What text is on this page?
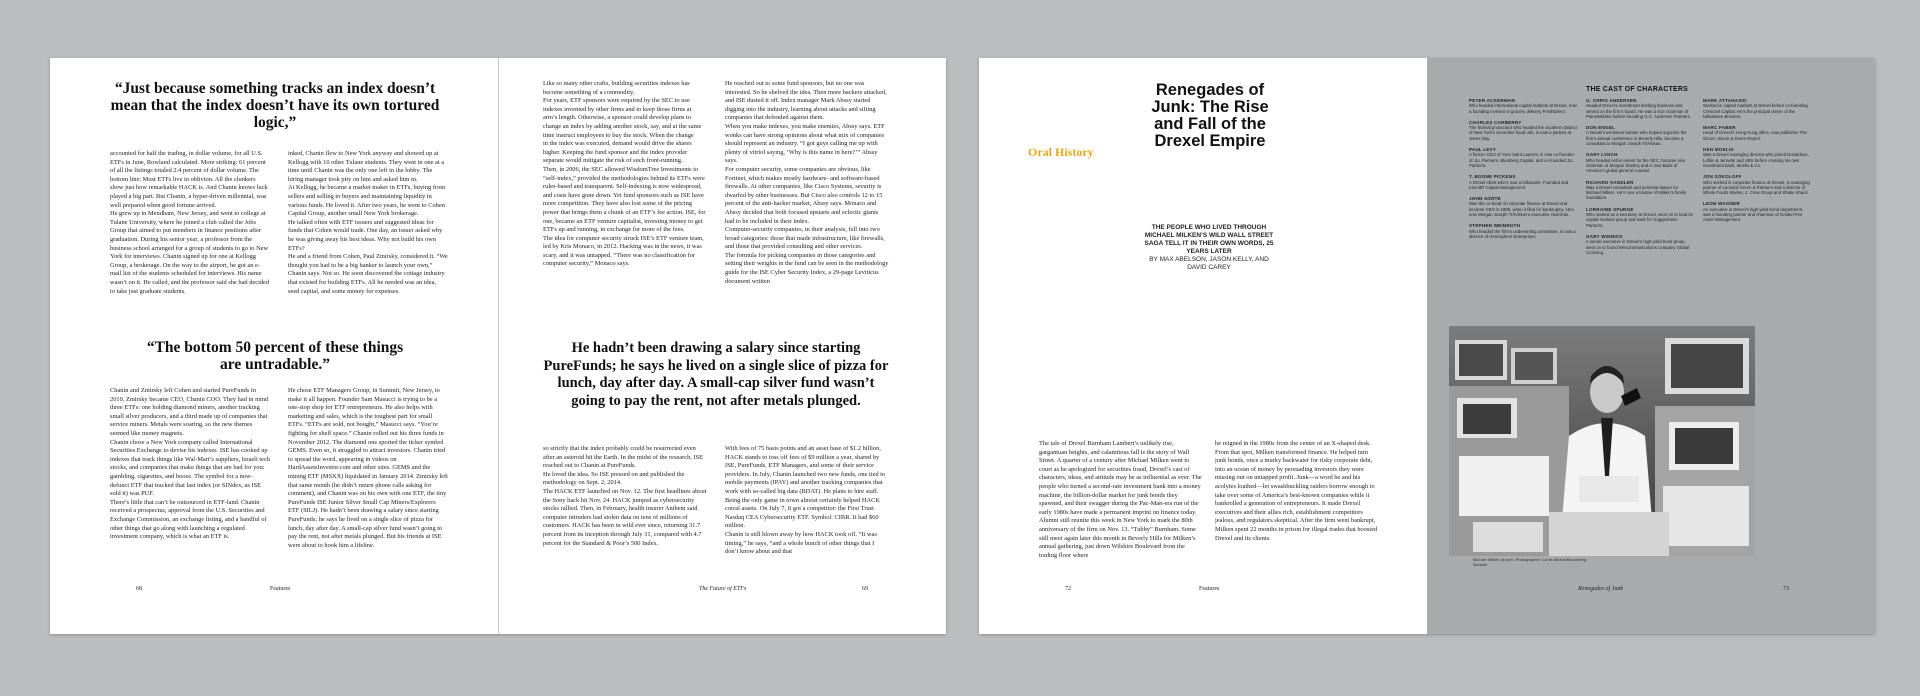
“Just because something tracks an index doesn’t mean that the index doesn’t have its own tortured logic,”
accounted for half the trading, in dollar volume, for all U.S. ETFs in June, Rowland calculated. More striking: 61 percent of all the listings totaled 2.4 percent of dollar volume. The bottom line: Most ETFs live in oblivion. All the clunkers show just how remarkable HACK is. And Chanin knows luck played a big part. But Chanin, a hyper-driven millennial, was well prepared when good fortune arrived.
He grew up in Mendham, New Jersey, and went to college at Tulane University, where he joined a club called the Jobs Group that aimed to put members in finance positions after graduation. During his senior year, a professor from the business school arranged for a group of students to go to New York for interviews. Chanin signed up for one at Kellogg Group, a brokerage. On the way to the airport, he got an e-mail list of the students scheduled for interviews. His name wasn’t on it. He called, and the professor said she had decided to take just graduate students.
inked, Chanin flew to New York anyway and showed up at Kellogg with 10 other Tulane students. They went in one at a time until Chanin was the only one left in the lobby. The hiring manager took pity on him and asked him in.
At Kellogg, he became a market maker in ETFs, buying from sellers and selling to buyers and maintaining liquidity in various funds. He loved it. After two years, he went to Cohen Capital Group, another small New York brokerage.
He talked often with ETF issuers and suggested ideas for funds that Cohen would trade. One day, an issuer asked why he was giving away his best ideas. Why not build his own ETFs?
He and a friend from Cohen, Paul Zmirsky, considered it. “We thought you had to be a big banker to launch your own,” Chanin says. Not so. He soon discovered the cottage industry that existed for building ETFs. All he needed was an idea, seed capital, and some money for expenses.
“The bottom 50 percent of these things are untradable.”
Chanin and Zmirsky left Cohen and started PureFunds in 2010. Zmirsky became CEO, Chanin COO. They had in mind three ETFs: one holding diamond miners, another tracking small silver producers, and a third made up of companies that service miners. Metals were soaring, so the new themes seemed like money magnets.
Chanin chose a New York company called International Securities Exchange to devise his indexes. ISE has cooked up indexes that track things like Wal-Mart’s suppliers, Israeli tech stocks, and companies that make things that are bad for you: gambling, cigarettes, and booze. The symbol for a now-defunct ETF that tracked that last index (or SINdex, as ISE sold it) was PUF.
There’s little that can’t be outsourced in ETF-land. Chanin received a prospectus, approval from the U.S. Securities and Exchange Commission, an exchange listing, and a handful of other things that go along with launching a regulated investment company, which is what an ETF is.
He chose ETF Managers Group, in Summit, New Jersey, to make it all happen. Founder Sam Masucci is trying to be a one-stop shop for ETF entrepreneurs. He also helps with marketing and sales, which is the toughest part for small ETFs. “ETFs are sold, not bought,” Masucci says. “You’re fighting for shelf space.” Chanin rolled out his three funds in November 2012. The diamond one sported the ticker symbol GEMS. Even so, it struggled to attract investors. Chanin tried to spread the word, appearing in videos on HardAssetsInvestor.com and other sites. GEMS and the mining ETF (MSXX) liquidated in January 2014. Zmirsky left that same month (he didn’t return phone calls asking for comment), and Chanin was on his own with one ETF, the tiny PureFunds ISE Junior Silver Small Cap Miners/Explorers ETF (SILJ). He hadn’t been drawing a salary since starting PureFunds; he says he lived on a single slice of pizza for lunch, day after day. A small-cap silver fund wasn’t going to pay the rent, not after metals plunged. But his friends at ISE were about to hook him a lifeline.
68	Features
Like so many other crafts, building securities indexes has become something of a commodity.
For years, ETF sponsors were required by the SEC to use indexes invented by other firms and to keep those firms at arm’s length. Otherwise, a sponsor could develop plans to change an index by adding another stock, say, and at the same time instruct employees to buy the stock. When the change
in the index was executed, demand would drive the shares higher. Keeping the fund sponsor and the index provider separate would mitigate the risk of such front-running.
Then, in 2006, the SEC allowed WisdomTree Investments to “self-index,” provided the methodologies behind its ETFs were rules-based and transparent. Self-indexing is now widespread, and costs have gone down. Yet fund sponsors such as ISE have more competition. They have also lost some of the pricing power that brings them a chunk of an ETF’s fee action. ISE, for one, became an ETF venture capitalist, investing money to get ETFs up and running, in exchange for more of the fees.
The idea for computer security struck ISE’s ETF venture team, led by Kris Monaco, in 2012. Hacking was in the news, it was scary, and it was untapped. “There was no classification for computer security,” Monaco says.
He reached out to some fund sponsors, but no one was interested. So he shelved the idea. Then more hackers attacked, and ISE dusted it off. Index manager Mark Abssy started digging into the industry, learning about attacks and sifting companies that defended against them.
When you make indexes, you make enemies, Abssy says. ETF wonks can have strong opinions about what mix of companies should represent an industry. “I got guys calling me up with plenty of vitriol saying, ‘Why is this name in here?’” Abssy says.
For computer security, some companies are obvious, like Fortinet, which makes mostly hardware- and software-based firewalls. At other companies, like Cisco Systems, security is dwarfed by other businesses. But Cisco also controls 12 to 15 percent of the anti-hacker market, Abssy says. Monaco and Abssy decided that both focused upstarts and eclectic giants had to be included in their index.
Computer-security companies, in their analysis, fell into two broad categories: those that made infrastructure, like firewalls, and those that provided consulting and other services.
The formula for picking companies in those categories and setting their weights in the fund can be seen in the methodology guide for the ISE Cyber Security Index, a 29-page Leviticus document written
He hadn’t been drawing a salary since starting PureFunds; he says he lived on a single slice of pizza for lunch, day after day. A small-cap silver fund wasn’t going to pay the rent, not after metals plunged.
so strictly that the index probably could be resurrected even after an asteroid hit the Earth. In the midst of the research, ISE reached out to Chanin at PureFunds.
He loved the idea. So ISE pressed on and published the methodology on Sept. 2, 2014.
The HACK ETF launched on Nov. 12. The first headlines about the Sony hack hit Nov. 24. HACK jumped as cybersecurity stocks rallied. Then, in February, health insurer Anthem said computer intruders had stolen data on tens of millions of customers. HACK has been in wild ever since, returning 31.7 percent from its inception through July 31, compared with 4.7 percent for the Standard & Poor’s 500 Index.
With fees of 75 basis points and an asset base of $1.2 billion, HACK stands to toss off fees of $9 million a year, shared by ISE, PureFunds, ETF Managers, and some of their service providers. In July, Chanin launched two new funds, one tied to mobile payments (IPAY) and another tracking companies that work with so-called big data (BDAT). He plans to hire staff.
Being the only game in town almost certainly helped HACK corral assets. On July 7, it got a competitor: the First Trust Nasdaq CEA Cybersecurity ETF. Symbol: CIBR. It had $60 million.
Chanin is still blown away by how HACK took off. “It was timing,” he says, “and a whole bunch of other things that I don’t know about and that
The Future of ETFs	69
Oral History
Renegades of Junk: The Rise and Fall of the Drexel Empire
THE PEOPLE WHO LIVED THROUGH MICHAEL MILKEN’S WILD WALL STREET SAGA TELL IT IN THEIR OWN WORDS, 25 YEARS LATER
BY MAX ABELSON, JASON KELLY, AND DAVID CAREY
The tale of Drexel Burnham Lambert’s unlikely rise, gargantuan heights, and calamitous fall is the story of Wall Street. A quarter of a century after Michael Milken went to court as he apologized for securities fraud, Drexel’s cast of characters, ideas, and attitude may be as influential as ever. The people who turned a second-rate investment bank into a money machine, the billion-dollar market for junk bonds they spawned, and their swagger during the Pac-Man-era run of the early 1980s have made a permanent imprint on finance today. Alumni still reunite this week in New York to mark the 80th anniversary of the firm on Nov. 13. “Tubby” Burnham. Some still meet again later this month in Beverly Hills for Milken’s annual gathering, just down Wilshire Boulevard from the trading floor where
he reigned in the 1980s from the center of an X-shaped desk.
From that spot, Milken transformed finance. He helped turn junk bonds, once a murky backwater for risky corporate debt, into an ocean of money by persuading investors they were missing out on untapped profit. Junk—a word he and his acolytes loathed—let swashbuckling raiders borrow enough to take over some of America’s best-known companies while it bankrolled a generation of entrepreneurs. It made Drexel executives and their allies rich, establishment competitors jealous, and regulators skeptical. After the firm went bankrupt, Milken spent 22 months in prison for illegal trades that boosted Drexel and its clients.
72	Features
THE CAST OF CHARACTERS
PETER ACKERMAN
Who headed international capital markets at Drexel, now a founding investor in grocery delivery FreshDirect.
CHARLES CARBERRY
The federal prosecutor who headed the Southern District of New York’s securities fraud unit, is now a partner at Jones Day.
PAUL LEVY
A former CEO of Yves Saint Laurent, is now co-founder of JLL Partners, Blumberg Capital, and co-founded JLL Partners.
T. BOONE PICKENS
A Drexel client who’s now a billionaire. Founded and runs BP Capital Management.
JOHN SORTE
Was the co-head of corporate finance at Drexel and became CEO in 1989, when it filed for bankruptcy. He’s now Morgan Joseph TriArtisan’s executive chairman.
STEPHEN WEINROTH
Who headed the firm’s underwriting committee, is now a director of Hemisphere Enterprises.
G. CHRIS ANDERSEN
Headed Drexel’s investment banking business and served on the firm’s board. He was a vice chairman of PaineWebber before founding G.C. Andersen Partners.
DON ENGEL
A Drexel investment banker who helped organize the firm’s annual conference in Beverly Hills, became a consultant to Morgan Joseph TriArtisan.
GARY LYNCH
Who headed enforcement for the SEC, became vice chairman of Morgan Stanley and is now Bank of America’s global general counsel.
RICHARD SANDLER
Was a Drexel consultant and personal lawyer for Michael Milken. He’s now a trustee of Milken’s family foundation.
LORRAINE SPURGE
Who started as a secretary at Drexel, went on to lead its capital markets group and work for Guggenheim Partners.
GARY WINNICK
A senior executive in Drexel’s high-yield bond group, went on to found telecommunications company Global Crossing.
MARK ATTANASIO
Worked in capital markets at Drexel before co-founding Crescent Capital. He’s the principal owner of the Milwaukee Brewers.
MARC FABER
Head of Drexel’s Hong Kong office, now publishes The Gloom, Boom & Doom Report.
KEN MOELIS
Was a Drexel managing director who joined Donaldson, Lufkin & Jenrette and UBS before creating his own investment bank, Moelis & Co.
JON SOKOLOFF
Who worked in corporate finance at Drexel, is managing partner of Leonard Green & Partners and a director of Whole Foods Market, J. Crew Group and Shake Shack.
LEON WAGNER
An executive in Drexel’s high-yield bond department, was a founding partner and chairman of GoldenTree Asset Management.
Michael Milken at work. Photographer: Curtis Means/Bloomberg Markets
Renegades of Junk	73
